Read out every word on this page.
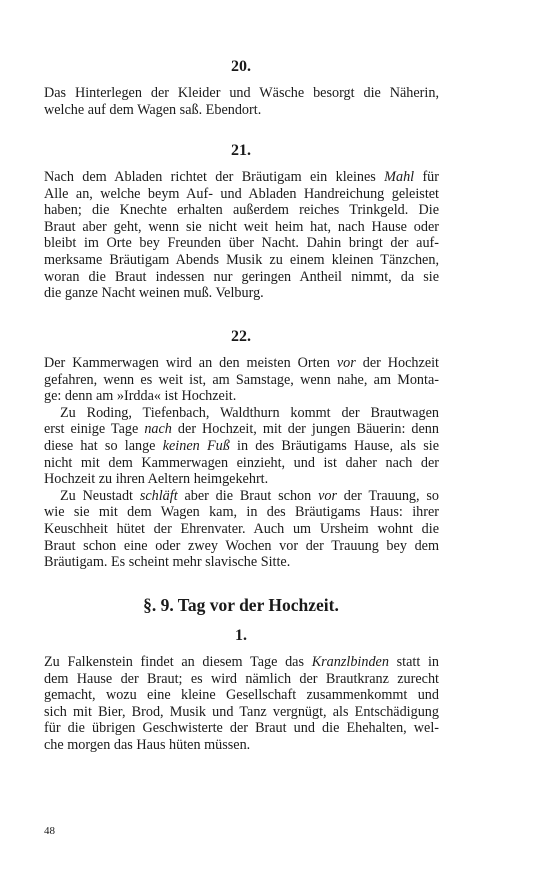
20.
Das Hinterlegen der Kleider und Wäsche besorgt die Näherin,
welche auf dem Wagen saß. Ebendort.
21.
Nach dem Abladen richtet der Bräutigam ein kleines Mahl für
Alle an, welche beym Auf- und Abladen Handreichung geleistet
haben; die Knechte erhalten außerdem reiches Trinkgeld. Die
Braut aber geht, wenn sie nicht weit heim hat, nach Hause oder
bleibt im Orte bey Freunden über Nacht. Dahin bringt der auf-
merksame Bräutigam Abends Musik zu einem kleinen Tänzchen,
woran die Braut indessen nur geringen Antheil nimmt, da sie
die ganze Nacht weinen muß. Velburg.
22.
Der Kammerwagen wird an den meisten Orten vor der Hochzeit
gefahren, wenn es weit ist, am Samstage, wenn nahe, am Monta-
ge: denn am »Irdda« ist Hochzeit.
Zu Roding, Tiefenbach, Waldthurn kommt der Brautwagen
erst einige Tage nach der Hochzeit, mit der jungen Bäuerin: denn
diese hat so lange keinen Fuß in des Bräutigams Hause, als sie
nicht mit dem Kammerwagen einzieht, und ist daher nach der
Hochzeit zu ihren Aeltern heimgekehrt.
Zu Neustadt schläft aber die Braut schon vor der Trauung, so
wie sie mit dem Wagen kam, in des Bräutigams Haus: ihrer
Keuschheit hütet der Ehrenvater. Auch um Ursheim wohnt die
Braut schon eine oder zwey Wochen vor der Trauung bey dem
Bräutigam. Es scheint mehr slavische Sitte.
§. 9. Tag vor der Hochzeit.
1.
Zu Falkenstein findet an diesem Tage das Kranzlbinden statt in
dem Hause der Braut; es wird nämlich der Brautkranz zurecht
gemacht, wozu eine kleine Gesellschaft zusammenkommt und
sich mit Bier, Brod, Musik und Tanz vergnügt, als Entschädigung
für die übrigen Geschwisterte der Braut und die Ehehalten, wel-
che morgen das Haus hüten müssen.
48
